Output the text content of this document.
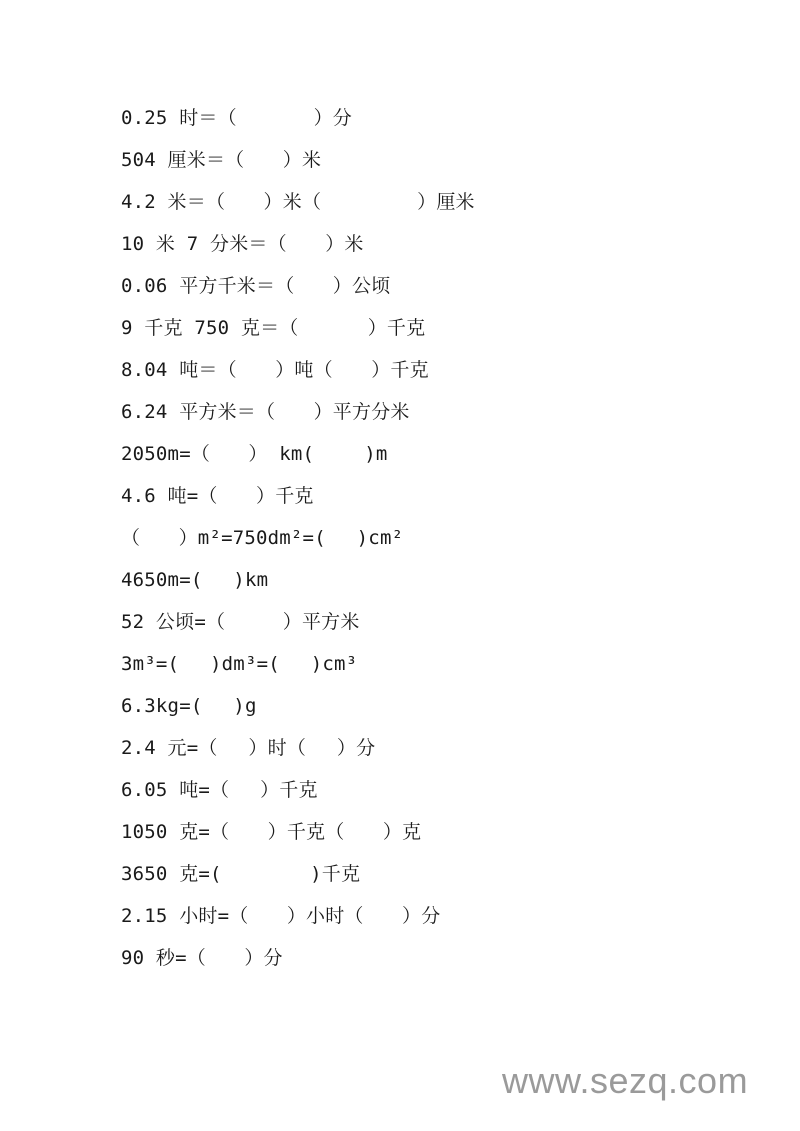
0.25 时＝（　　　　）分
504 厘米＝（　　）米
4.2 米＝（　　）米（　　　　　）厘米
10 米 7 分米＝（　　）米
0.06 平方千米＝（　　）公顷
9 千克 750 克＝（　　　 ）千克
8.04 吨＝（　　）吨（　　）千克
6.24 平方米＝（　　）平方分米
2050m=（　　） km(　　 )m
4.6 吨=（　　）千克
（　　）m²=750dm²=(　 )cm²
4650m=(　 )km
52 公顷=（　　　）平方米
3m³=(　 )dm³=(　 )cm³
6.3kg=(　 )g
2.4 元=（　 ）时（　 ）分
6.05 吨=（　 ）千克
1050 克=（　　）千克（　　）克
3650 克=(　　　　 )千克
2.15 小时=（　　）小时（　　）分
90 秒=（　　）分
www.sezq.com
